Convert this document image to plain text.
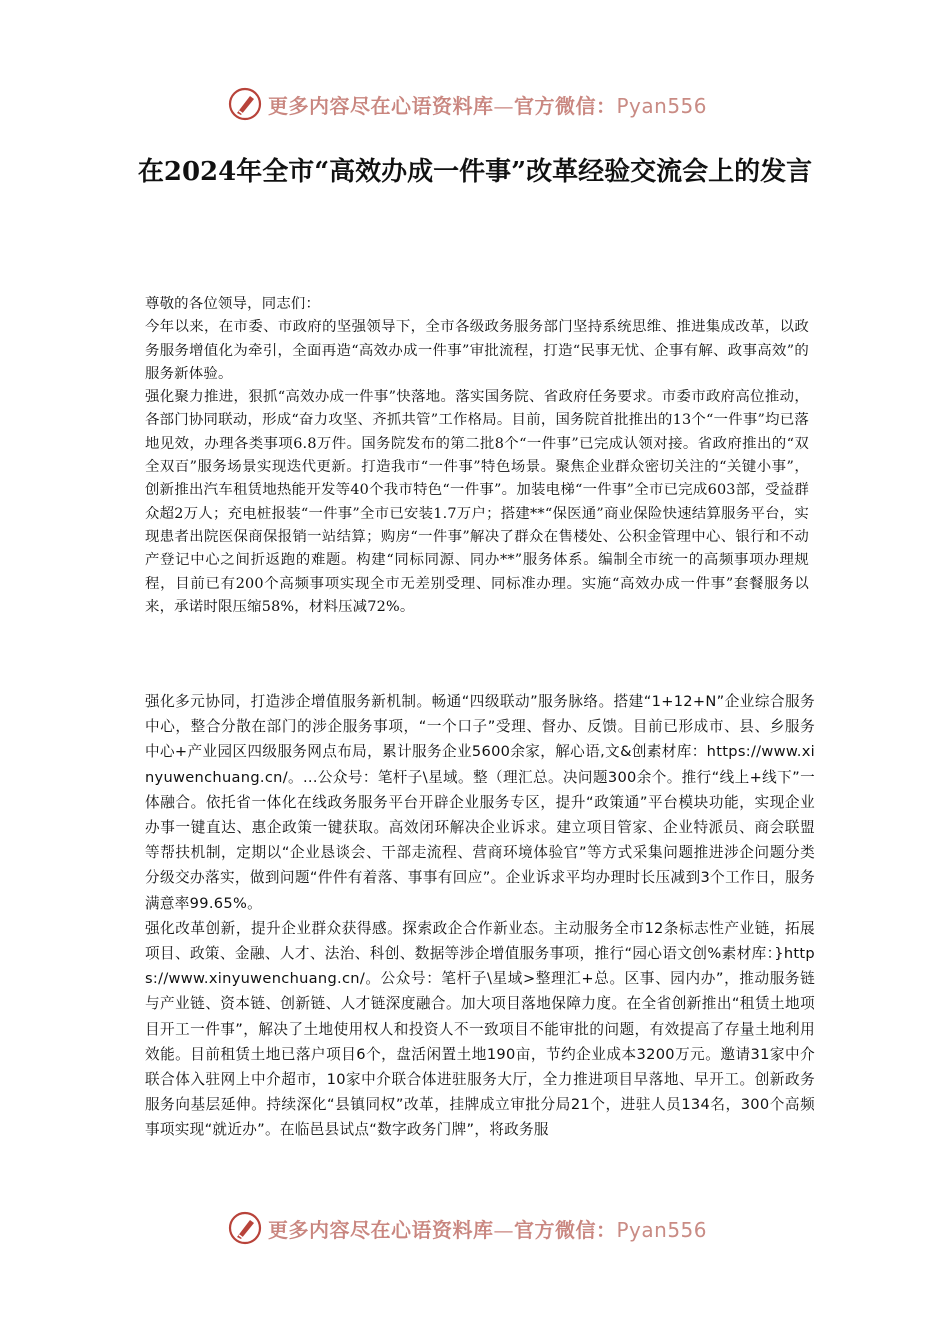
更多内容尽在心语资料库—官方微信：Pyan556
在2024年全市“高效办成一件事”改革经验交流会上的发言

尊敬的各位领导，同志们：

今年以来，在市委、市政府的坚强领导下，全市各级政务服务部门坚持系统思维、推进集成改革，以政务服务增值化为牵引，全面再造“高效办成一件事”审批流程，打造“民事无忧、企事有解、政事高效”的服务新体验。

强化聚力推进，狠抓“高效办成一件事”快落地。落实国务院、省政府任务要求。市委市政府高位推动，各部门协同联动，形成“奋力攻坚、齐抓共管”工作格局。目前，国务院首批推出的13个“一件事”均已落地见效，办理各类事项6.8万件。国务院发布的第二批8个“一件事”已完成认领对接。省政府推出的“双全双百”服务场景实现迭代更新。打造我市“一件事”特色场景。聚焦企业群众密切关注的“关键小事”，创新推出汽车租赁地热能开发等40个我市特色“一件事”。加装电梯“一件事”全市已完成603部，受益群众超2万人；充电桩报装“一件事”全市已安装1.7万户；搭建**“保医通”商业保险快速结算服务平台，实现患者出院医保商保报销一站结算；购房“一件事”解决了群众在售楼处、公积金管理中心、银行和不动产登记中心之间折返跑的难题。构建“同标同源、同办**”服务体系。编制全市统一的高频事项办理规程，目前已有200个高频事项实现全市无差别受理、同标准办理。实施“高效办成一件事”套餐服务以来，承诺时限压缩58%，材料压减72%。

强化多元协同，打造涉企增值服务新机制。畅通“四级联动”服务脉络。搭建“1+12+N”企业综合服务中心，整合分散在部门的涉企服务事项，“一个口子”受理、督办、反馈。目前已形成市、县、乡服务中心+产业园区四级服务网点布局，累计服务企业5600余家，解心语,文&创素材库：https://www.xinyuwenchuang.cn/。...公众号：笔杆子\星域。整（理汇总。决问题300余个。推行“线上+线下”一体融合。依托省一体化在线政务服务平台开辟企业服务专区，提升“政策通”平台模块功能，实现企业办事一键直达、惠企政策一键获取。高效闭环解决企业诉求。建立项目管家、企业特派员、商会联盟等帮扶机制，定期以“企业恳谈会、干部走流程、营商环境体验官”等方式采集问题推进涉企问题分类分级交办落实，做到问题“件件有着落、事事有回应”。企业诉求平均办理时长压减到3个工作日，服务满意率99.65%。

强化改革创新，提升企业群众获得感。探索政企合作新业态。主动服务全市12条标志性产业链，拓展项目、政策、金融、人才、法治、科创、数据等涉企增值服务事项，推行“园心语文创%素材库：}https://www.xinyuwenchuang.cn/。公众号：笔杆子\星域>整理汇+总。区事、园内办”，推动服务链与产业链、资本链、创新链、人才链深度融合。加大项目落地保障力度。在全省创新推出“租赁土地项目开工一件事”，解决了土地使用权人和投资人不一致项目不能审批的问题，有效提高了存量土地利用效能。目前租赁土地已落户项目6个，盘活闲置土地190亩，节约企业成本3200万元。邀请31家中介联合体入驻网上中介超市，10家中介联合体进驻服务大厅，全力推进项目早落地、早开工。创新政务服务向基层延伸。持续深化“县镇同权”改革，挂牌成立审批分局21个，进驻人员134名，300个高频事项实现“就近办”。在临邑县试点“数字政务门牌”，将政务服

更多内容尽在心语资料库—官方微信：Pyan556
